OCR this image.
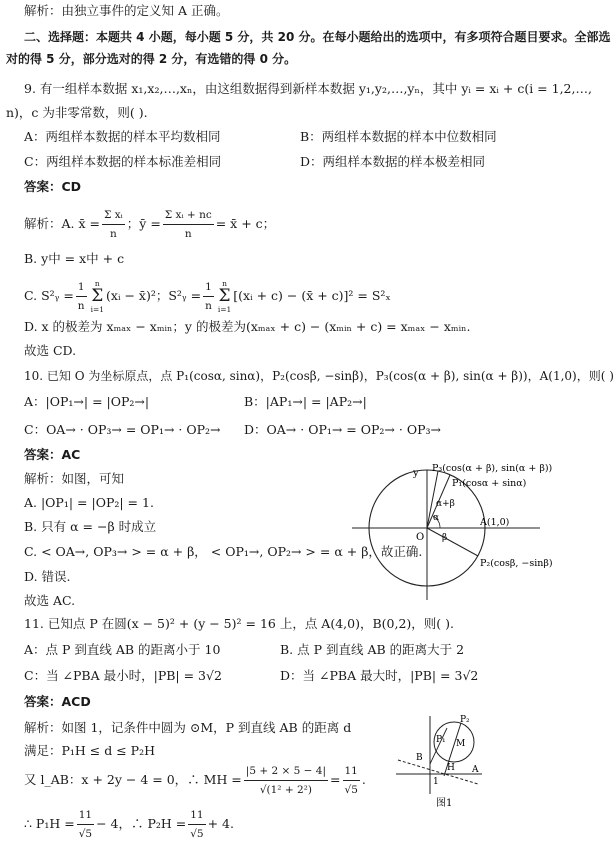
解析：由独立事件的定义知 A 正确。
二、选择题：本题共 4 小题，每小题 5 分，共 20 分。在每小题给出的选项中，有多项符合题目要求。全部选
对的得 5 分，部分选对的得 2 分，有选错的得 0 分。
9. 有一组样本数据 x₁,x₂,…,xₙ，由这组数据得到新样本数据 y₁,y₂,…,yₙ，其中 yᵢ = xᵢ + c(i = 1,2,…,
n)，c 为非零常数，则( ).
A：两组样本数据的样本平均数相同	B：两组样本数据的样本中位数相同
C：两组样本数据的样本标准差相同	D：两组样本数据的样本极差相同
答案：CD
解析：A. x̄ = $\frac{\text{Σ xᵢ}}{n}$ ；ȳ = $\frac{\text{Σ xᵢ + nc}}{n}$ = x̄ + c；
B. y中 = x中 + c
C. S²ᵧ = $\frac{1}{n}$	n
Σ
i=1
(xᵢ − x̄)²；S²ᵧ = $\frac{1}{n}$	n
Σ
i=1
[(xᵢ + c) − (x̄ + c)]² = S²ₓ
D. x 的极差为 xₘₐₓ − xₘᵢₙ；y 的极差为(xₘₐₓ + c) − (xₘᵢₙ + c) = xₘₐₓ − xₘᵢₙ.
故选 CD.
10. 已知 O 为坐标原点，点 P₁(cosα, sinα)，P₂(cosβ, −sinβ)，P₃(cos(α + β), sin(α + β))，A(1,0)，则( )
A：|OP₁→| = |OP₂→|	B：|AP₁→| = |AP₂→|
C：OA→ · OP₃→ = OP₁→ · OP₂→ D：OA→ · OP₁→ = OP₂→ · OP₃→
答案：AC
解析：如图，可知
A. |OP₁| = |OP₂| = 1.
B. 只有 α = −β 时成立
C. < OA→, OP₃→ > = α + β， < OP₁→, OP₂→ > = α + β，故正确.
D. 错误.
故选 AC.
y P₃(cos(α + β), sin(α + β))
P₁(cosα + sinα)
α+β
α
β
O
A(1,0)
P₂(cosβ, −sinβ)
11. 已知点 P 在圆(x − 5)² + (y − 5)² = 16 上，点 A(4,0)，B(0,2)，则( ).
A：点 P 到直线 AB 的距离小于 10	B. 点 P 到直线 AB 的距离大于 2
C：当 ∠PBA 最小时，|PB| = 3√2	D：当 ∠PBA 最大时，|PB| = 3√2
答案：ACD
解析：如图 1，记条件中圆为 ⊙M，P 到直线 AB 的距离 d
满足：P₁H ≤ d ≤ P₂H
又 l_AB：x + 2y − 4 = 0，∴ MH = $\frac{|5 + 2 \times 5 - 4|}{\text{√(1² + 2²)}} = \frac{11}{√5}$ .
∴ $P_1H = \frac{11}{√5} - 4$，∴ $P_2H = \frac{11}{√5} + 4$.
P₂
M
P₁
B
H A
1
图1
